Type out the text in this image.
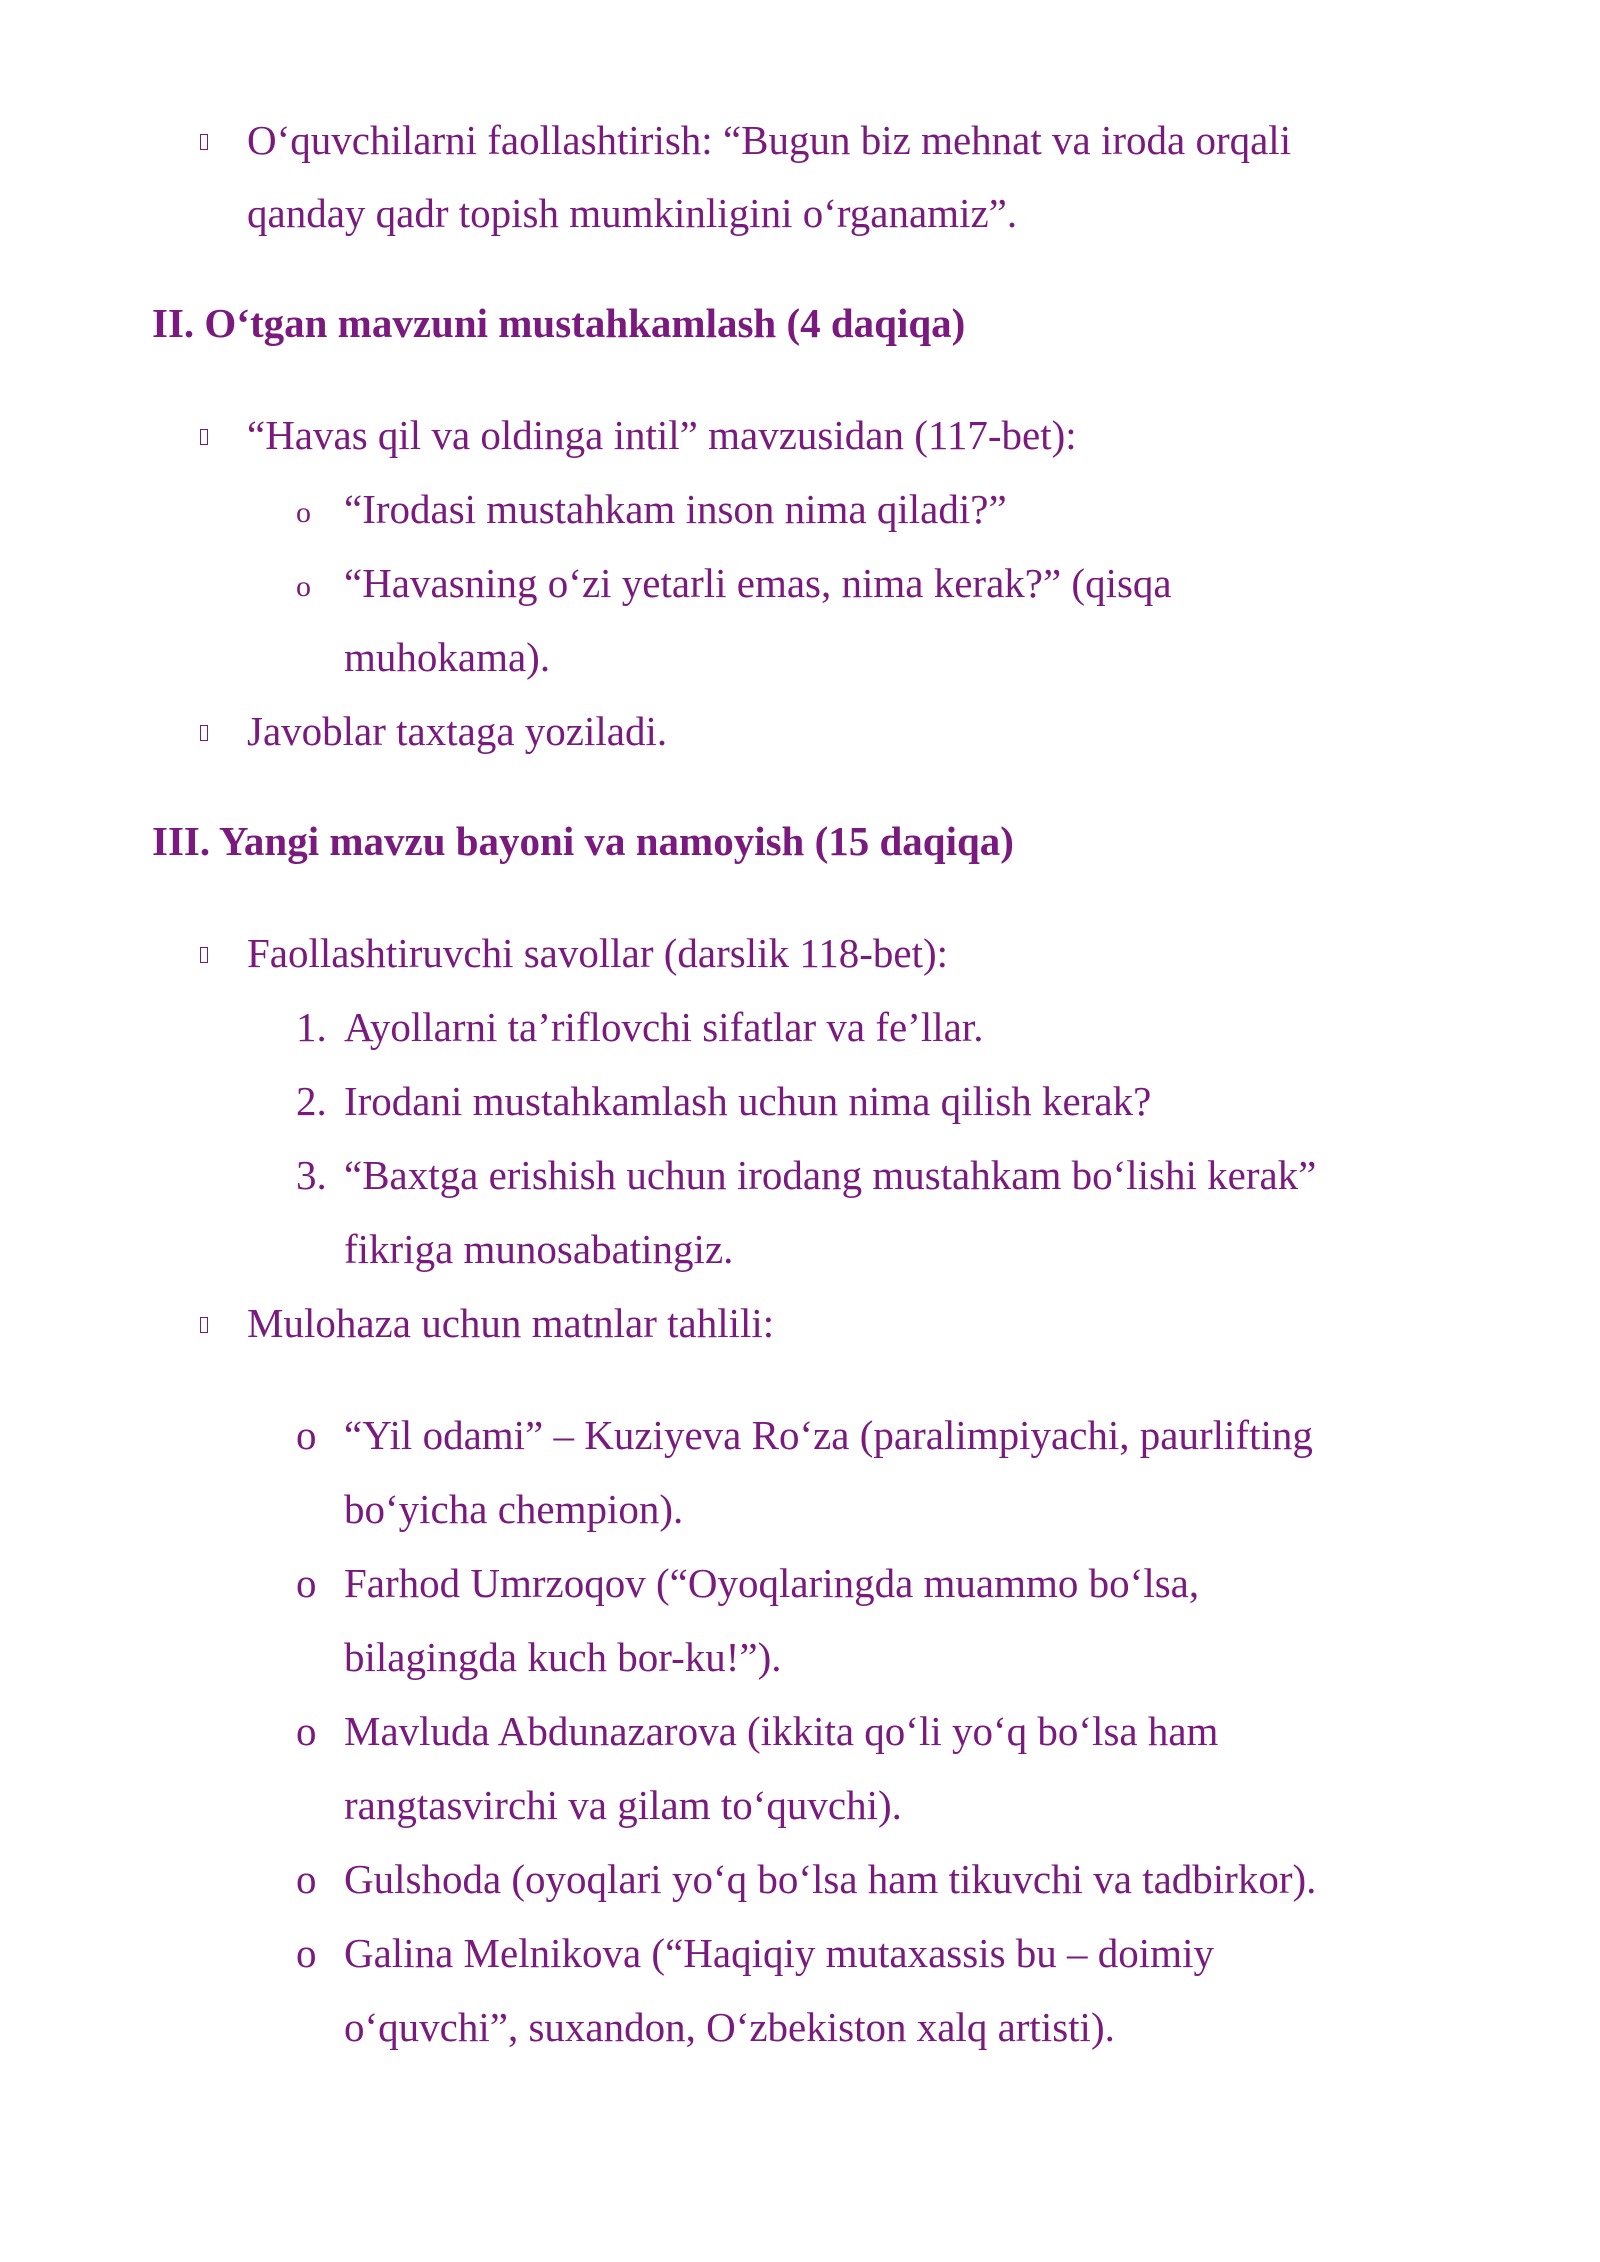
O‘quvchilarni faollashtirish: “Bugun biz mehnat va iroda orqali
qanday qadr topish mumkinligini o‘rganamiz”.
II. O‘tgan mavzuni mustahkamlash (4 daqiqa)
“Havas qil va oldinga intil” mavzusidan (117-bet):
o “Irodasi mustahkam inson nima qiladi?”
o “Havasning o‘zi yetarli emas, nima kerak?” (qisqa
muhokama).
Javoblar taxtaga yoziladi.
III. Yangi mavzu bayoni va namoyish (15 daqiqa)
Faollashtiruvchi savollar (darslik 118-bet):
1. Ayollarni ta’riflovchi sifatlar va fe’llar.
2. Irodani mustahkamlash uchun nima qilish kerak?
3. “Baxtga erishish uchun irodang mustahkam bo‘lishi kerak”
fikriga munosabatingiz.
Mulohaza uchun matnlar tahlili:
o “Yil odami” – Kuziyeva Ro‘za (paralimpiyachi, paurlifting
bo‘yicha chempion).
o Farhod Umrzoqov (“Oyoqlaringda muammo bo‘lsa,
bilagingda kuch bor-ku!”).
o Mavluda Abdunazarova (ikkita qo‘li yo‘q bo‘lsa ham
rangtasvirchi va gilam to‘quvchi).
o Gulshoda (oyoqlari yo‘q bo‘lsa ham tikuvchi va tadbirkor).
o Galina Melnikova (“Haqiqiy mutaxassis bu – doimiy
o‘quvchi”, suxandon, O‘zbekiston xalq artisti).
